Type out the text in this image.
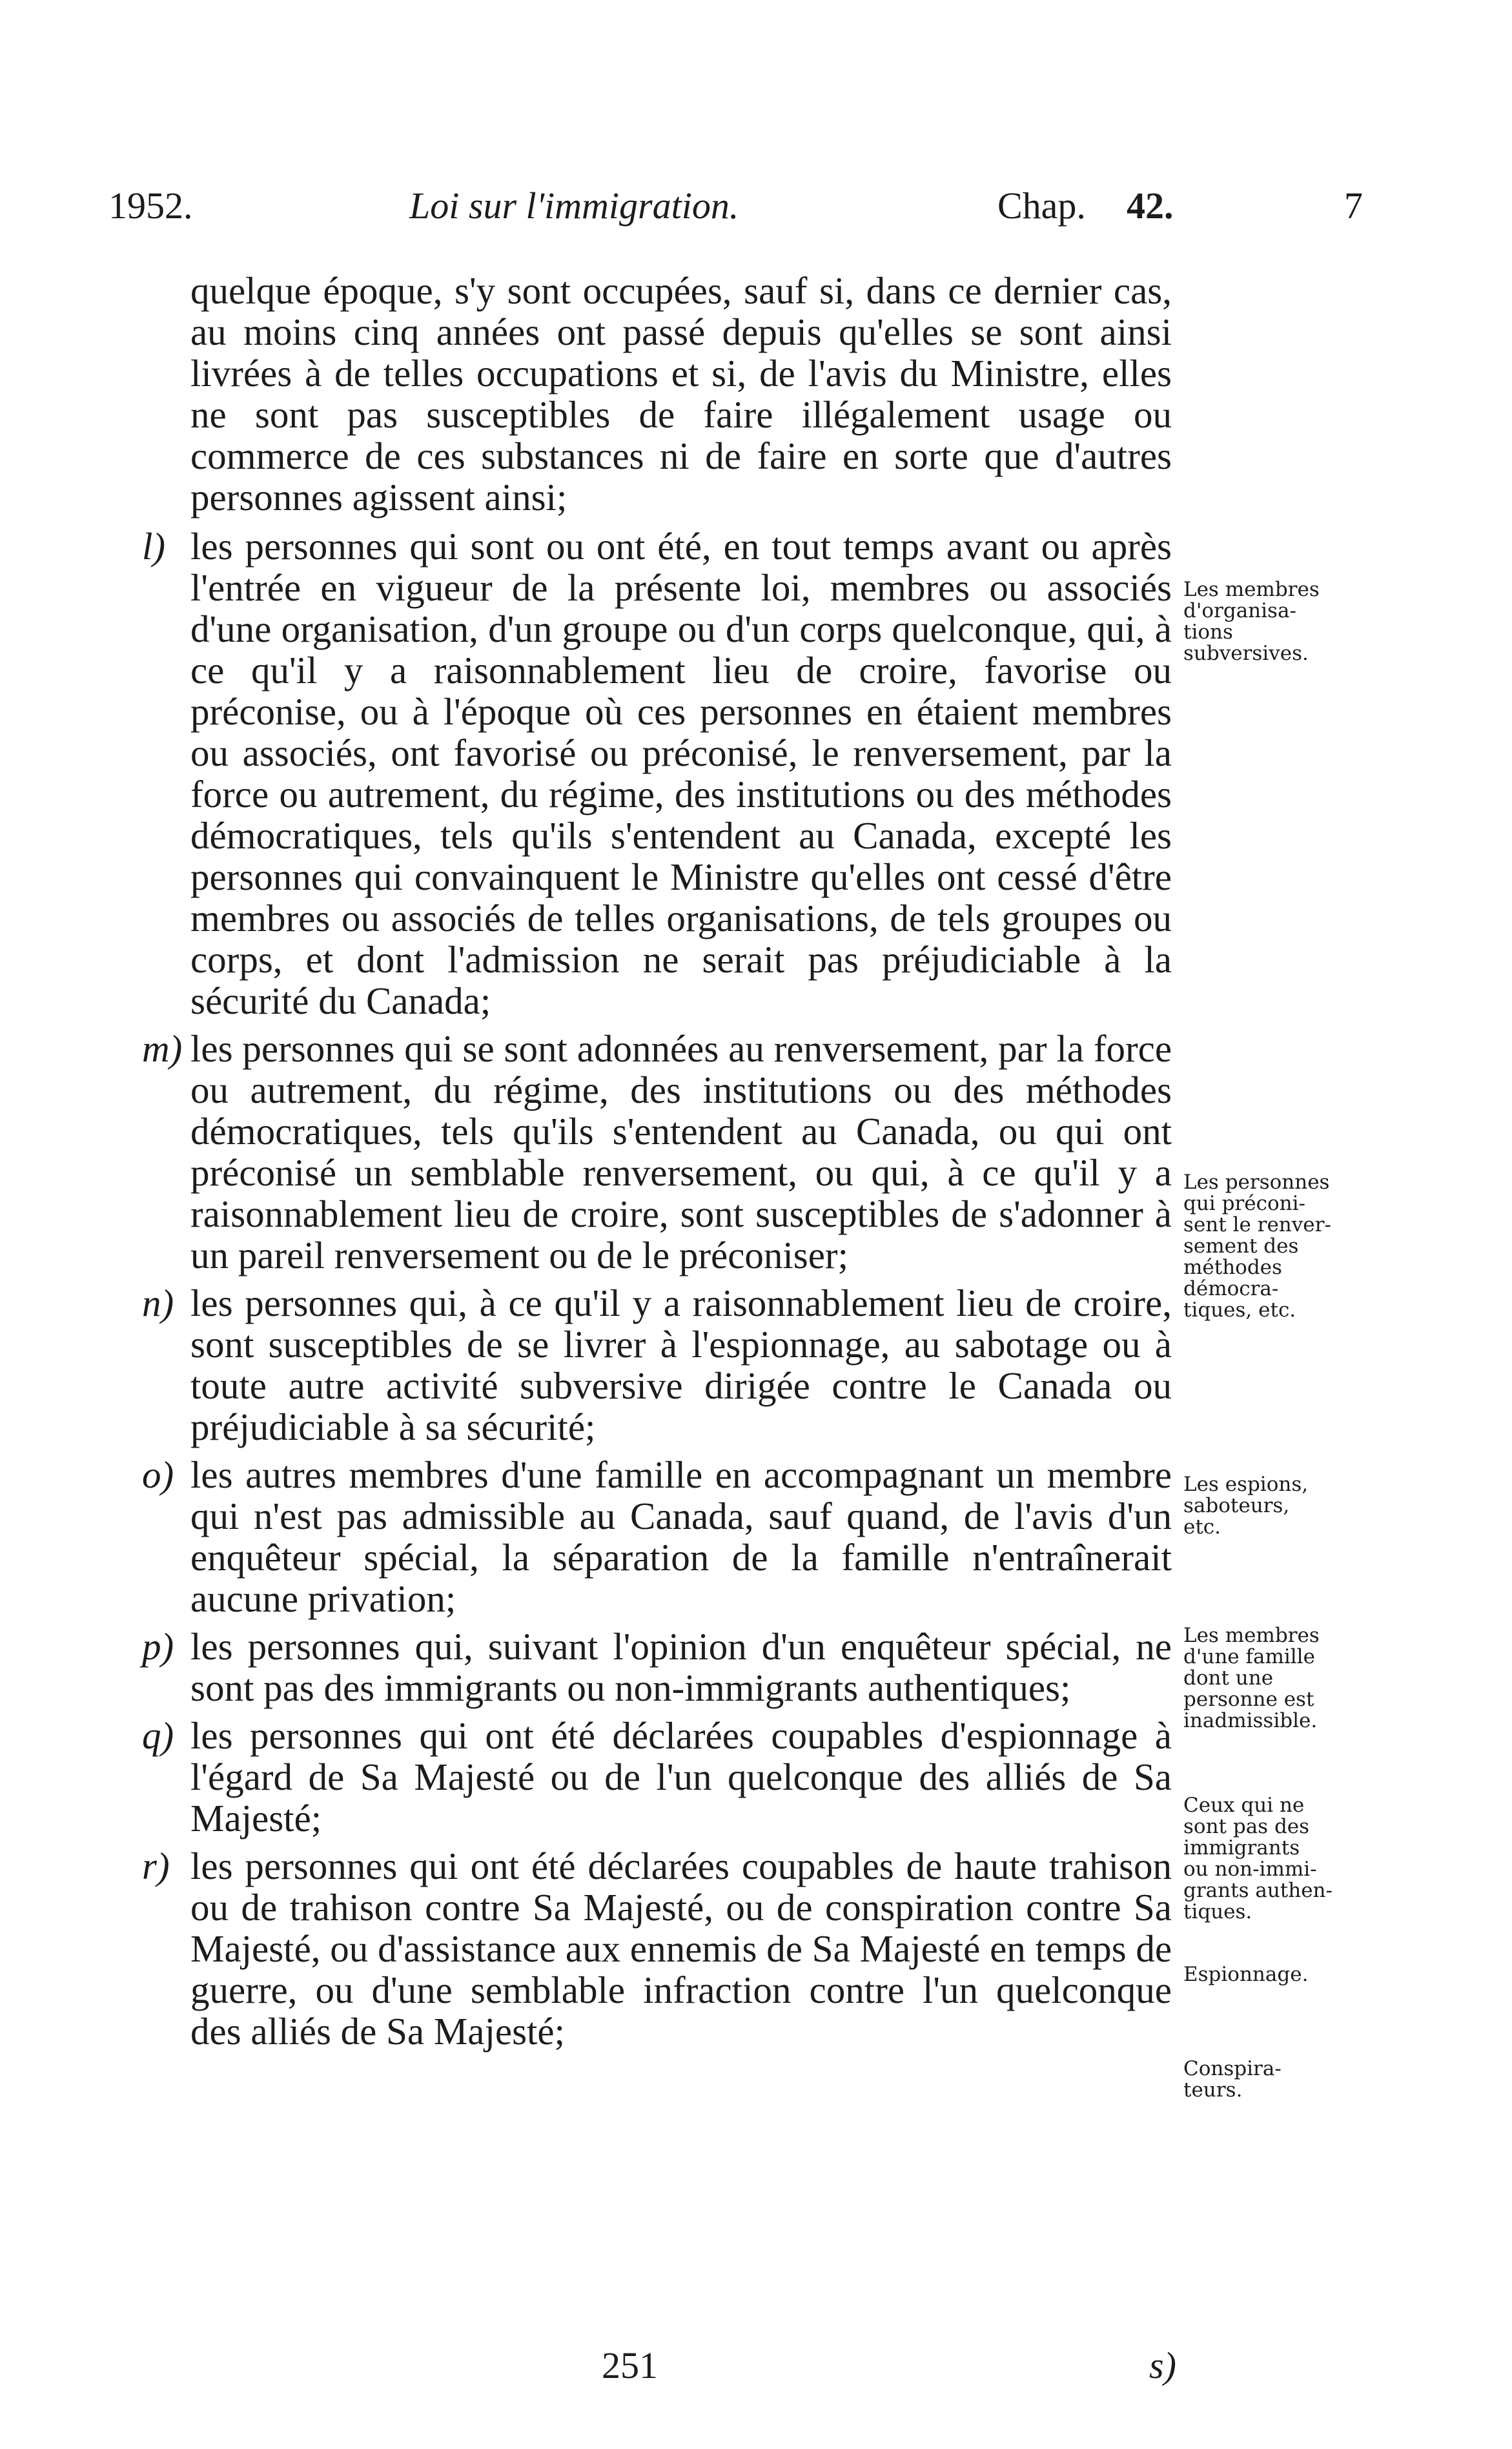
1952.	Loi sur l'immigration.	Chap. 42.	7

quelque époque, s'y sont occupées, sauf si, dans ce dernier cas, au moins cinq années ont passé depuis qu'elles se sont ainsi livrées à de telles occupations et si, de l'avis du Ministre, elles ne sont pas susceptibles de faire illégalement usage ou commerce de ces substances ni de faire en sorte que d'autres personnes agissent ainsi;

l) les personnes qui sont ou ont été, en tout temps avant ou après l'entrée en vigueur de la présente loi, membres ou associés d'une organisation, d'un groupe ou d'un corps quelconque, qui, à ce qu'il y a raisonnablement lieu de croire, favorise ou préconise, ou à l'époque où ces personnes en étaient membres ou associés, ont favorisé ou préconisé, le renversement, par la force ou autrement, du régime, des institutions ou des méthodes démocratiques, tels qu'ils s'entendent au Canada, excepté les personnes qui convainquent le Ministre qu'elles ont cessé d'être membres ou associés de telles organisations, de tels groupes ou corps, et dont l'admission ne serait pas préjudiciable à la sécurité du Canada;

m) les personnes qui se sont adonnées au renversement, par la force ou autrement, du régime, des institutions ou des méthodes démocratiques, tels qu'ils s'entendent au Canada, ou qui ont préconisé un semblable renversement, ou qui, à ce qu'il y a raisonnablement lieu de croire, sont susceptibles de s'adonner à un pareil renversement ou de le préconiser;

n) les personnes qui, à ce qu'il y a raisonnablement lieu de croire, sont susceptibles de se livrer à l'espionnage, au sabotage ou à toute autre activité subversive dirigée contre le Canada ou préjudiciable à sa sécurité;

o) les autres membres d'une famille en accompagnant un membre qui n'est pas admissible au Canada, sauf quand, de l'avis d'un enquêteur spécial, la séparation de la famille n'entraînerait aucune privation;

p) les personnes qui, suivant l'opinion d'un enquêteur spécial, ne sont pas des immigrants ou non-immigrants authentiques;

q) les personnes qui ont été déclarées coupables d'espionnage à l'égard de Sa Majesté ou de l'un quelconque des alliés de Sa Majesté;

r) les personnes qui ont été déclarées coupables de haute trahison ou de trahison contre Sa Majesté, ou de conspiration contre Sa Majesté, ou d'assistance aux ennemis de Sa Majesté en temps de guerre, ou d'une semblable infraction contre l'un quelconque des alliés de Sa Majesté;

Les membres
d'organisa-
tions
subversives.
Les personnes
qui préconi-
sent le renver-
sement des
méthodes
démocra-
tiques, etc.
Les espions,
saboteurs,
etc.
Les membres
d'une famille
dont une
personne est
inadmissible.
Ceux qui ne
sont pas des
immigrants
ou non-immi-
grants authen-
tiques.
Espionnage.
Conspira-
teurs.
251	s)
